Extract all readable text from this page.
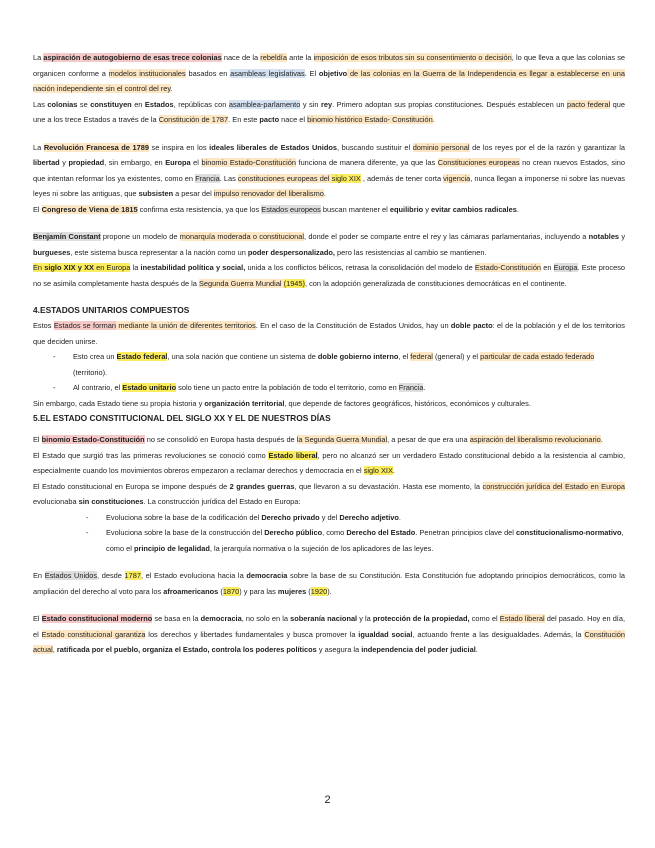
La aspiración de autogobierno de esas trece colonias nace de la rebeldía ante la imposición de esos tributos sin su consentimiento o decisión, lo que lleva a que las colonias se organicen conforme a modelos institucionales basados en asambleas legislativas. El objetivo de las colonias en la Guerra de la Independencia es llegar a establecerse en una nación independiente sin el control del rey.

Las colonias se constituyen en Estados, repúblicas con asamblea-parlamento y sin rey. Primero adoptan sus propias constituciones. Después establecen un pacto federal que une a los trece Estados a través de la Constitución de 1787. En este pacto nace el binomio histórico Estado- Constitución.

La Revolución Francesa de 1789 se inspira en los ideales liberales de Estados Unidos, buscando sustituir el dominio personal de los reyes por el de la razón y garantizar la libertad y propiedad, sin embargo, en Europa el binomio Estado-Constitución funciona de manera diferente, ya que las Constituciones europeas no crean nuevos Estados, sino que intentan reformar los ya existentes, como en Francia. Las constituciones europeas del siglo XIX , además de tener corta vigencia, nunca llegan a imponerse ni sobre las nuevas leyes ni sobre las antiguas, que subsisten a pesar del impulso renovador del liberalismo.

El Congreso de Viena de 1815 confirma esta resistencia, ya que los Estados europeos buscan mantener el equilibrio y evitar cambios radicales.

Benjamín Constant propone un modelo de monarquía moderada o constitucional, donde el poder se comparte entre el rey y las cámaras parlamentarias, incluyendo a notables y burgueses, este sistema busca representar a la nación como un poder despersonalizado, pero las resistencias al cambio se mantienen.

En siglo XIX y XX en Europa la inestabilidad política y social, unida a los conflictos bélicos, retrasa la consolidación del modelo de Estado-Constitución en Europa. Este proceso no se asimila completamente hasta después de la Segunda Guerra Mundial (1945), con la adopción generalizada de constituciones democráticas en el continente.

4.ESTADOS UNITARIOS COMPUESTOS

Estos Estados se forman mediante la unión de diferentes territorios. En el caso de la Constitución de Estados Unidos, hay un doble pacto: el de la población y el de los territorios que deciden unirse.

- Esto crea un Estado federal, una sola nación que contiene un sistema de doble gobierno interno, el federal (general) y el particular de cada estado federado (territorio).
- Al contrario, el Estado unitario solo tiene un pacto entre la población de todo el territorio, como en Francia.

Sin embargo, cada Estado tiene su propia historia y organización territorial, que depende de factores geográficos, históricos, económicos y culturales.

5.EL ESTADO CONSTITUCIONAL DEL SIGLO XX Y EL DE NUESTROS DÍAS

El binomio Estado-Constitución no se consolidó en Europa hasta después de la Segunda Guerra Mundial, a pesar de que era una aspiración del liberalismo revolucionario.

El Estado que surgió tras las primeras revoluciones se conoció como Estado liberal, pero no alcanzó ser un verdadero Estado constitucional debido a la resistencia al cambio, especialmente cuando los movimientos obreros empezaron a reclamar derechos y democracia en el siglo XIX.

El Estado constitucional en Europa se impone después de 2 grandes guerras, que llevaron a su devastación. Hasta ese momento, la construcción jurídica del Estado en Europa evolucionaba sin constituciones. La construcción jurídica del Estado en Europa:

- Evoluciona sobre la base de la codificación del Derecho privado y del Derecho adjetivo.
- Evoluciona sobre la base de la construcción del Derecho público, como Derecho del Estado. Penetran principios clave del constitucionalismo-normativo, como el principio de legalidad, la jerarquía normativa o la sujeción de los aplicadores de las leyes.

En Estados Unidos, desde 1787, el Estado evoluciona hacia la democracia sobre la base de su Constitución. Esta Constitución fue adoptando principios democráticos, como la ampliación del derecho al voto para los afroamericanos (1870) y para las mujeres (1920).

El Estado constitucional moderno se basa en la democracia, no solo en la soberanía nacional y la protección de la propiedad, como el Estado liberal del pasado. Hoy en día, el Estado constitucional garantiza los derechos y libertades fundamentales y busca promover la igualdad social, actuando frente a las desigualdades. Además, la Constitución actual, ratificada por el pueblo, organiza el Estado, controla los poderes políticos y asegura la independencia del poder judicial.

2
